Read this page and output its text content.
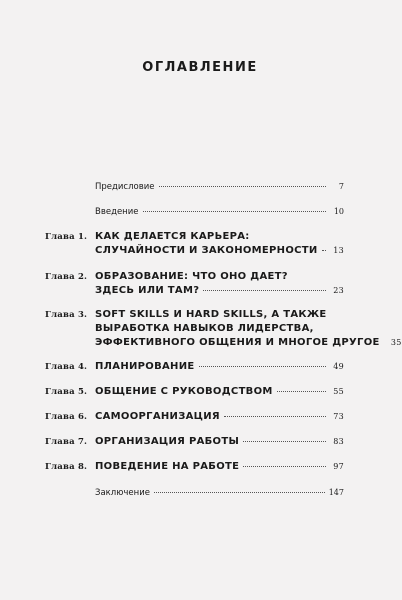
ОГЛАВЛЕНИЕ
Предисловие	7
Введение	10
Глава 1. КАК ДЕЛАЕТСЯ КАРЬЕРА:
СЛУЧАЙНОСТИ И ЗАКОНОМЕРНОСТИ	13
Глава 2. ОБРАЗОВАНИЕ: ЧТО ОНО ДАЕТ?
ЗДЕСЬ ИЛИ ТАМ?	23
Глава 3. SOFT SKILLS И HARD SKILLS, А ТАКЖЕ
ВЫРАБОТКА НАВЫКОВ ЛИДЕРСТВА,
ЭФФЕКТИВНОГО ОБЩЕНИЯ И МНОГОЕ ДРУГОЕ	35
Глава 4. ПЛАНИРОВАНИЕ	49
Глава 5. ОБЩЕНИЕ С РУКОВОДСТВОМ	55
Глава 6. САМООРГАНИЗАЦИЯ	73
Глава 7. ОРГАНИЗАЦИЯ РАБОТЫ	83
Глава 8. ПОВЕДЕНИЕ НА РАБОТЕ	97
Заключение	147
